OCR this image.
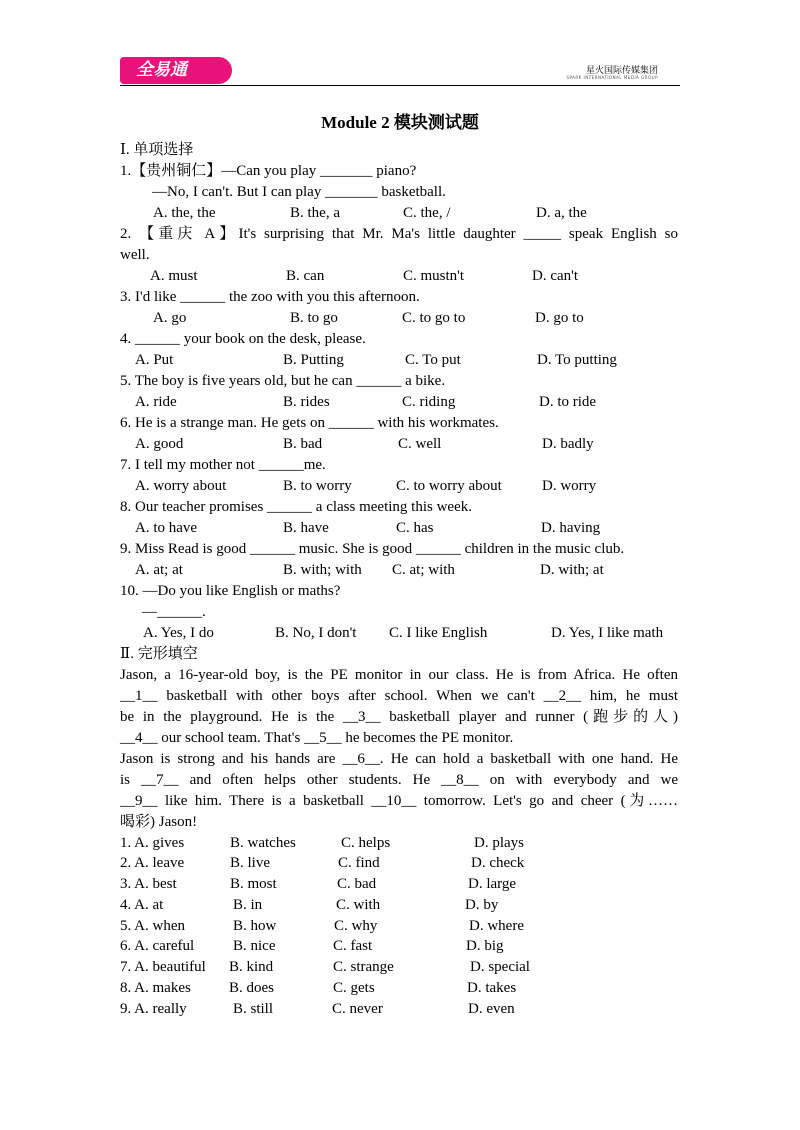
全易通	星火国际传媒集团
SPARK INTERNATIONAL MEDIA GROUP
Module 2 模块测试题
Ⅰ. 单项选择
1.【贵州铜仁】—Can you play _______ piano?
—No, I can't. But I can play _______ basketball.
A. the, the	B. the, a	C. the, /	D. a, the
2. 【重庆 A】It's surprising that Mr. Ma's little daughter _____ speak English so
well.
A. must	B. can	C. mustn't	D. can't
3. I'd like ______ the zoo with you this afternoon.
A. go	B. to go	C. to go to	D. go to
4. ______ your book on the desk, please.
A. Put	B. Putting	C. To put	D. To putting
5. The boy is five years old, but he can ______ a bike.
A. ride	B. rides	C. riding	D. to ride
6. He is a strange man. He gets on ______ with his workmates.
A. good	B. bad	C. well	D. badly
7. I tell my mother not ______me.
A. worry about	B. to worry	C. to worry about	D. worry
8. Our teacher promises ______ a class meeting this week.
A. to have	B. have	C. has	D. having
9. Miss Read is good ______ music. She is good ______ children in the music club.
A. at; at	B. with; with C. at; with	D. with; at
10. —Do you like English or maths?
—______.
A. Yes, I do	B. No, I don't C. I like English	D. Yes, I like math
Ⅱ. 完形填空
Jason, a 16-year-old boy, is the PE monitor in our class. He is from Africa. He often
__1__ basketball with other boys after school. When we can't __2__ him, he must
be in the playground. He is the __3__ basketball player and runner (跑步的人)
__4__ our school team. That's __5__ he becomes the PE monitor.
Jason is strong and his hands are __6__. He can hold a basketball with one hand. He
is __7__ and often helps other students. He __8__ on with everybody and we
__9__ like him. There is a basketball __10__ tomorrow. Let's go and cheer (为……
喝彩) Jason!
1. A. gives	B. watches	C. helps	D. plays
2. A. leave	B. live	C. find	D. check
3. A. best	B. most	C. bad	D. large
4. A. at	B. in	C. with	D. by
5. A. when	B. how	C. why	D. where
6. A. careful	B. nice	C. fast	D. big
7. A. beautiful B. kind	C. strange	D. special
8. A. makes	B. does	C. gets	D. takes
9. A. really	B. still	C. never	D. even
